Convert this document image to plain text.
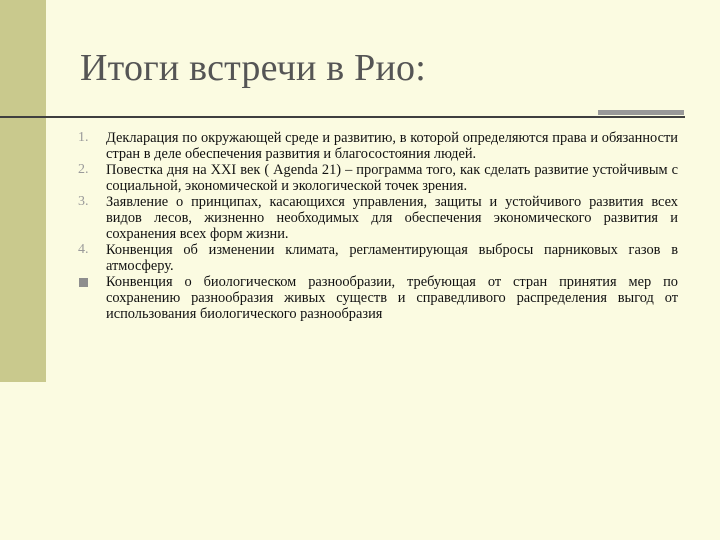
Итоги встречи в Рио:
1.	Декларация по окружающей среде и развитию, в которой определяются права и обязанности стран в деле обеспечения развития и благосостояния людей.
2.	Повестка дня на XXI век ( Agenda 21) – программа того, как сделать развитие устойчивым с социальной, экономической и экологической точек зрения.
3.	Заявление о принципах, касающихся управления, защиты и устойчивого развития всех видов лесов, жизненно необходимых для обеспечения экономического развития и сохранения всех форм жизни.
4.	Конвенция об изменении климата, регламентирующая выбросы парниковых газов в атмосферу.
Конвенция о биологическом разнообразии, требующая от стран принятия мер по сохранению разнообразия живых существ и справедливого распределения выгод от использования биологического разнообразия
